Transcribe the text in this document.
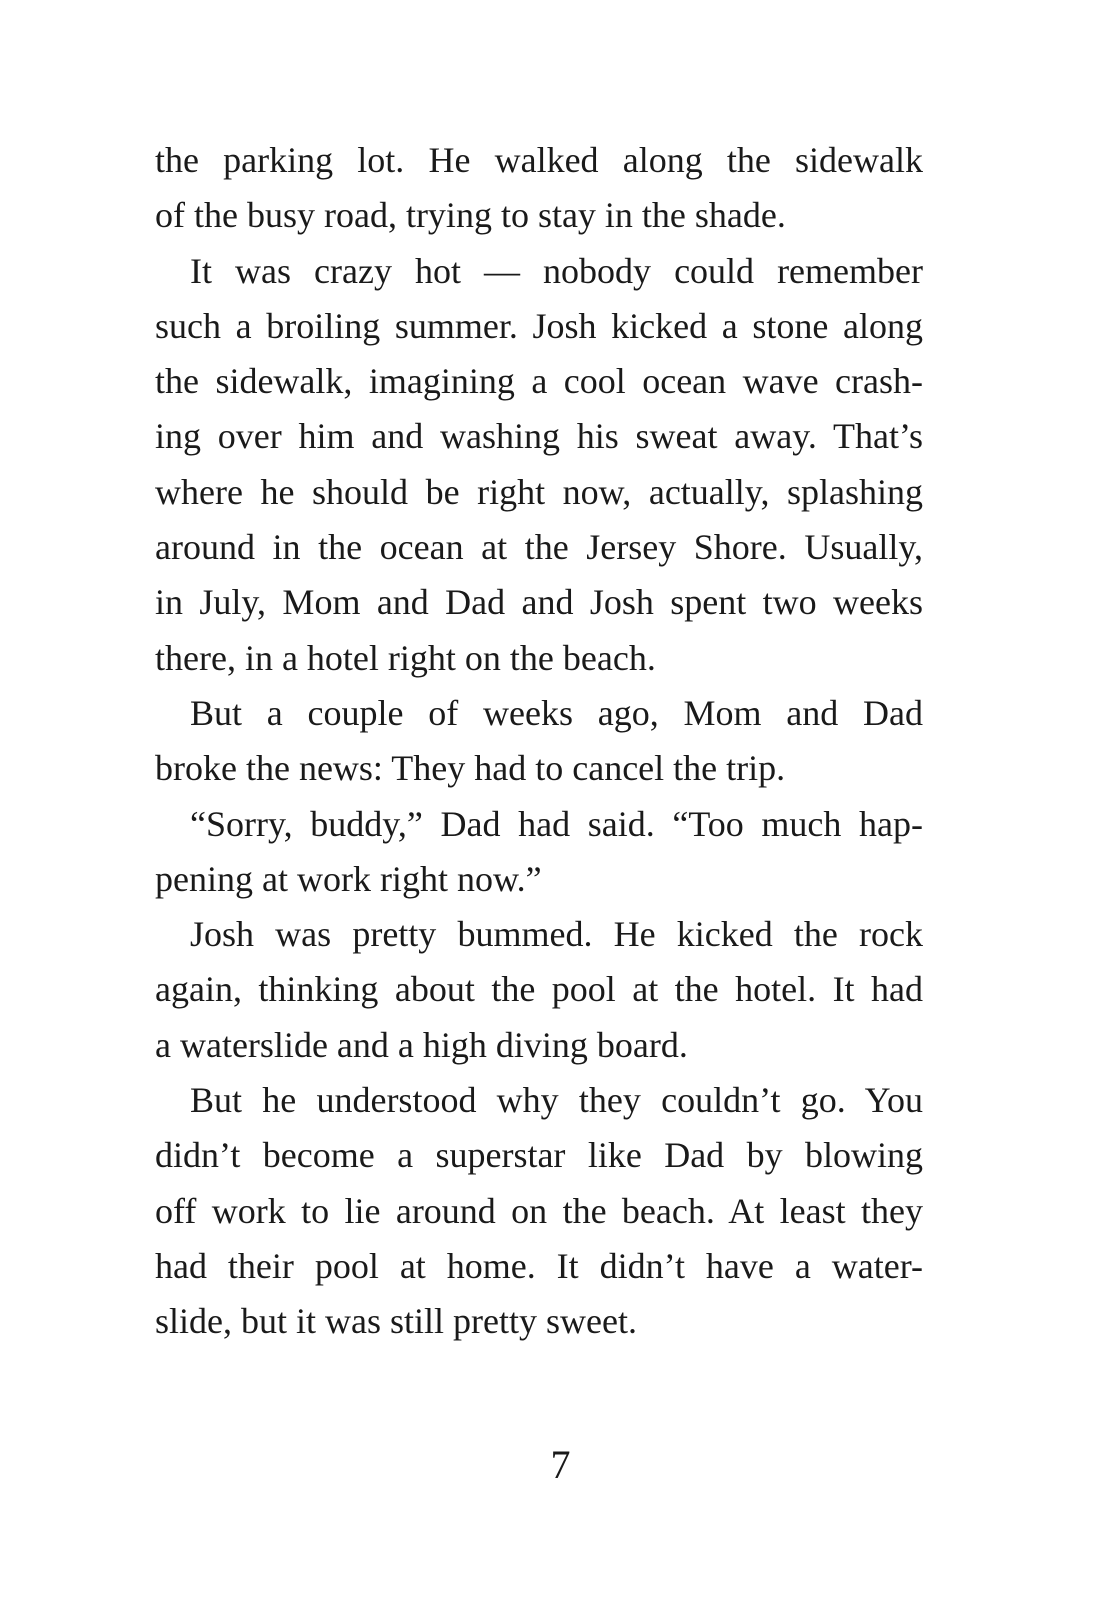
the parking lot. He walked along the sidewalk
of the busy road, trying to stay in the shade.
It was crazy hot — nobody could remember
such a broiling summer. Josh kicked a stone along
the sidewalk, imagining a cool ocean wave crash-
ing over him and washing his sweat away. That’s
where he should be right now, actually, splashing
around in the ocean at the Jersey Shore. Usually,
in July, Mom and Dad and Josh spent two weeks
there, in a hotel right on the beach.
But a couple of weeks ago, Mom and Dad
broke the news: They had to cancel the trip.
“Sorry, buddy,” Dad had said. “Too much hap-
pening at work right now.”
Josh was pretty bummed. He kicked the rock
again, thinking about the pool at the hotel. It had
a waterslide and a high diving board.
But he understood why they couldn’t go. You
didn’t become a superstar like Dad by blowing
off work to lie around on the beach. At least they
had their pool at home. It didn’t have a water-
slide, but it was still pretty sweet.
7
